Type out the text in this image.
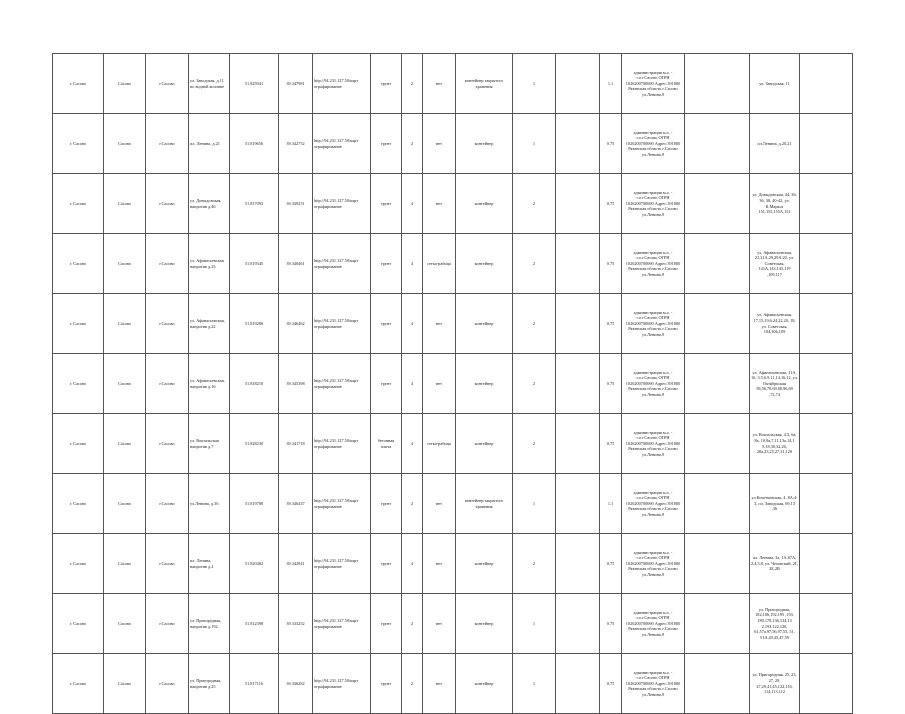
г. Сасово	Сасово	г.Сасово	ул. Заводская, д.11 по водной колонке	51.825941	39.347981	http://94.231.127.50/карт ографирование	грунт	2	нет	контейнер закрытого хранения	1		1.1	администрация м.о. - г.о.г.Сасово ОГРН 1026200700690 Адрес:391800 Рязанская область г.Сасово ул.Ленина,9		ул. Заводская, 11	
г. Сасово	Сасово	г.Сасово	пл. Ленина, д.21	51.819656	39.342752	http://94.231.127.50/карт ографирование	грунт	2	нет	контейнер	1		0.75	администрация м.о. - г.о.г.Сасово ОГРН 1026200700690 Адрес:391800 Рязанская область г.Сасово ул.Ленина,9		пл.Ленина, д.20,21	
г. Сасово	Сасово	г.Сасово	ул. Довыдовская, напротив д.46	51.817093	39.339251	http://94.231.127.50/карт ографирование	грунт	4	нет	контейнер	2		0.75	администрация м.о. - г.о.г.Сасово ОГРН 1026200700690 Адрес:391800 Рязанская область г.Сасово ул.Ленина,9		ул. Довыдовская, 44, 36, 36, 38, 40-42, ул. К.Маркса 151,155,155А,151	
г. Сасово	Сасово	г.Сасово	ул. Афанасьевская напротив д.25	51.819345	39.340461	http://94.231.127.50/карт ографирование	грунт	4	сетка-рабица	контейнер	2		0.75	администрация м.о. - г.о.г.Сасово ОГРН 1026200700690 Адрес:391800 Рязанская область г.Сасово ул.Ленина,9		ул. Афанасьевская, 21,21А,29,29А,20, ул. Советская, 141А,143,145,119 ,109,117	
г. Сасово	Сасово	г.Сасово	ул. Афанасьевская, напротив д.22	51.819286	39.346462	http://94.231.127.50/карт ографирование	грунт	4	нет	контейнер	2		0.75	администрация м.о. - г.о.г.Сасово ОГРН 1026200700690 Адрес:391800 Рязанская область г.Сасово ул.Ленина,9		ул. Афанасьевская, 17,15,19,6,24,22,20, 18, ул. Советская, 104,106,109	
г. Сасово	Сасово	г.Сасово	ул. Афанасьевская, напротив д.16	51.818210	39.345398	http://94.231.127.50/карт ографирование	грунт	4	нет	контейнер	2		0.75	администрация м.о. - г.о.г.Сасово ОГРН 1026200700690 Адрес:391800 Рязанская область г.Сасово ул.Ленина,9		ул. Афанасьевская, 11А, 16, 3,5,6,9,11,14,16,12, ул. Октябрьская 58,56,70,69,68,96,69 ,72,74	
г. Сасово	Сасово	г.Сасово	ул. Вокзальская напротив д.7	51.828230	39.341718	http://94.231.127.50/карт ографирование	бетонная плита	4	сетка-рабица	контейнер	2		0.75	администрация м.о. - г.о.г.Сасово ОГРН 1026200700690 Адрес:391800 Рязанская область г.Сасово ул.Ленина,9		ул. Вокзальская, 4,3, 6а, 8а, 10,9а,7,11,13а,14,1 5,18,30,32,26, 28а,23,25,27,31,120	
г. Сасово	Сасово	г.Сасово	ул.Ленина, д.36	51.819788	39.346437	http://94.231.127.50/карт ографирование	грунт	2	нет	контейнер закрытого хранения	1		1.1	администрация м.о. - г.о.г.Сасово ОГРН 1026200700690 Адрес:391800 Рязанская область г.Сасово ул.Ленина,9		ул.Кочетковская, 4, 8А,4-3, пл. Заводская, 69,13 ,36	
г. Сасово	Сасово	г.Сасово	пл. Ленина, напротив д.2	51.820482	39.342941	http://94.231.127.50/карт ографирование	грунт	4	нет	контейнер	2		0.75	администрация м.о. - г.о.г.Сасово ОГРН 1026200700690 Адрес:391800 Рязанская область г.Сасово ул.Ленина,9		пл. Ленина, 3а, 1А,67А, 2,4,5,8, ул. Чеховский, 2Г, 2Б,2В	
г. Сасово	Сасово	г.Сасово	ул. Пригородная, напротив д.192	51.812398	39.333252	http://94.231.127.50/карт ографирование	грунт	2	нет	контейнер	1		0.75	администрация м.о. - г.о.г.Сасово ОГРН 1026200700690 Адрес:391800 Рязанская область г.Сасово ул.Ленина,9		ул. Пригородная, 182,186,192,195 ,193, 180,178,136,134,13 2,193,122,120, 61,57а,97,56,97,53, 51, 51А,49,45,47,59	
г. Сасово	Сасово	г.Сасово	ул. Пригородная, напротив д.25	51.817116	39.336282	http://94.231.127.50/карт ографирование	грунт	2	нет	контейнер	1		0.75	администрация м.о. - г.о.г.Сасово ОГРН 1026200700690 Адрес:391800 Рязанская область г.Сасово ул.Ленина,9		ул. Пригородная, 25, 23, 27, 29, 27,29,41,45,122,116, 114,113,112	
